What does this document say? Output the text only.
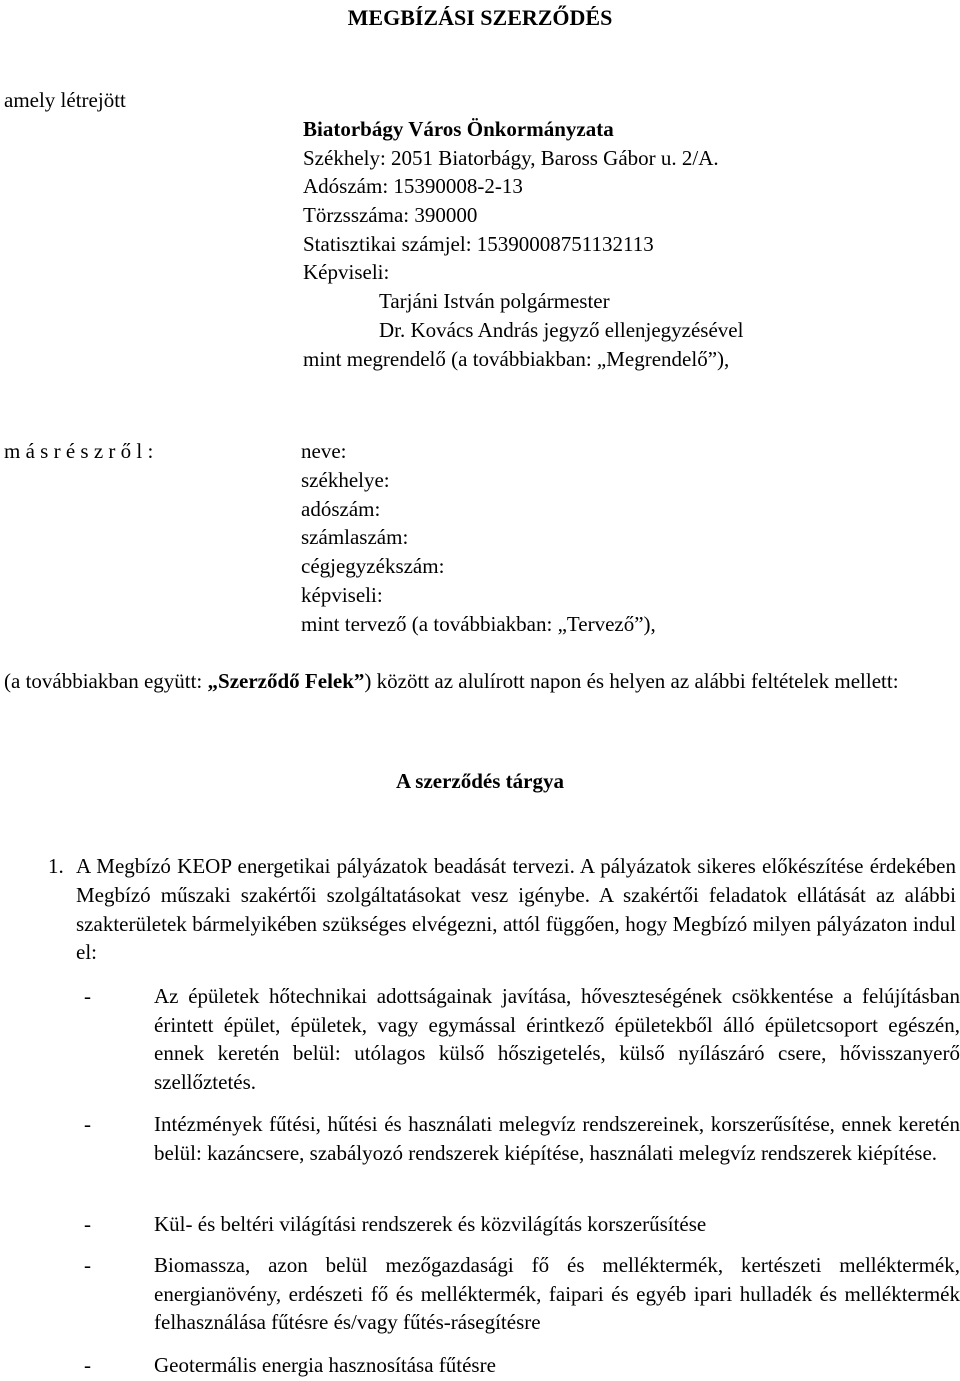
MEGBÍZÁSI SZERZŐDÉS
amely létrejött
Biatorbágy Város Önkormányzata
Székhely: 2051 Biatorbágy, Baross Gábor u. 2/A.
Adószám: 15390008-2-13
Törzsszáma: 390000
Statisztikai számjel: 15390008751132113
Képviseli:
Tarjáni István polgármester
Dr. Kovács András jegyző ellenjegyzésével
mint megrendelő (a továbbiakban: „Megrendelő”),
m á s r é s z r ő l :	neve:
székhelye:
adószám:
számlaszám:
cégjegyzékszám:
képviseli:
mint tervező (a továbbiakban: „Tervező”),
(a továbbiakban együtt: „Szerződő Felek”) között az alulírott napon és helyen az alábbi feltételek mellett:
A szerződés tárgya
1. A Megbízó KEOP energetikai pályázatok beadását tervezi. A pályázatok sikeres előkészítése érdekében Megbízó műszaki szakértői szolgáltatásokat vesz igénybe. A szakértői feladatok ellátását az alábbi szakterületek bármelyikében szükséges elvégezni, attól függően, hogy Megbízó milyen pályázaton indul el:
-	Az épületek hőtechnikai adottságainak javítása, hőveszteségének csökkentése a felújításban érintett épület, épületek, vagy egymással érintkező épületekből álló épületcsoport egészén, ennek keretén belül: utólagos külső hőszigetelés, külső nyílászáró csere, hővisszanyerő szellőztetés.
-	Intézmények fűtési, hűtési és használati melegvíz rendszereinek, korszerűsítése, ennek keretén belül: kazáncsere, szabályozó rendszerek kiépítése, használati melegvíz rendszerek kiépítése.
-	Kül- és beltéri világítási rendszerek és közvilágítás korszerűsítése
-	Biomassza, azon belül mezőgazdasági fő és melléktermék, kertészeti melléktermék, energianövény, erdészeti fő és melléktermék, faipari és egyéb ipari hulladék és melléktermék felhasználása fűtésre és/vagy fűtés-rásegítésre
-	Geotermális energia hasznosítása fűtésre
